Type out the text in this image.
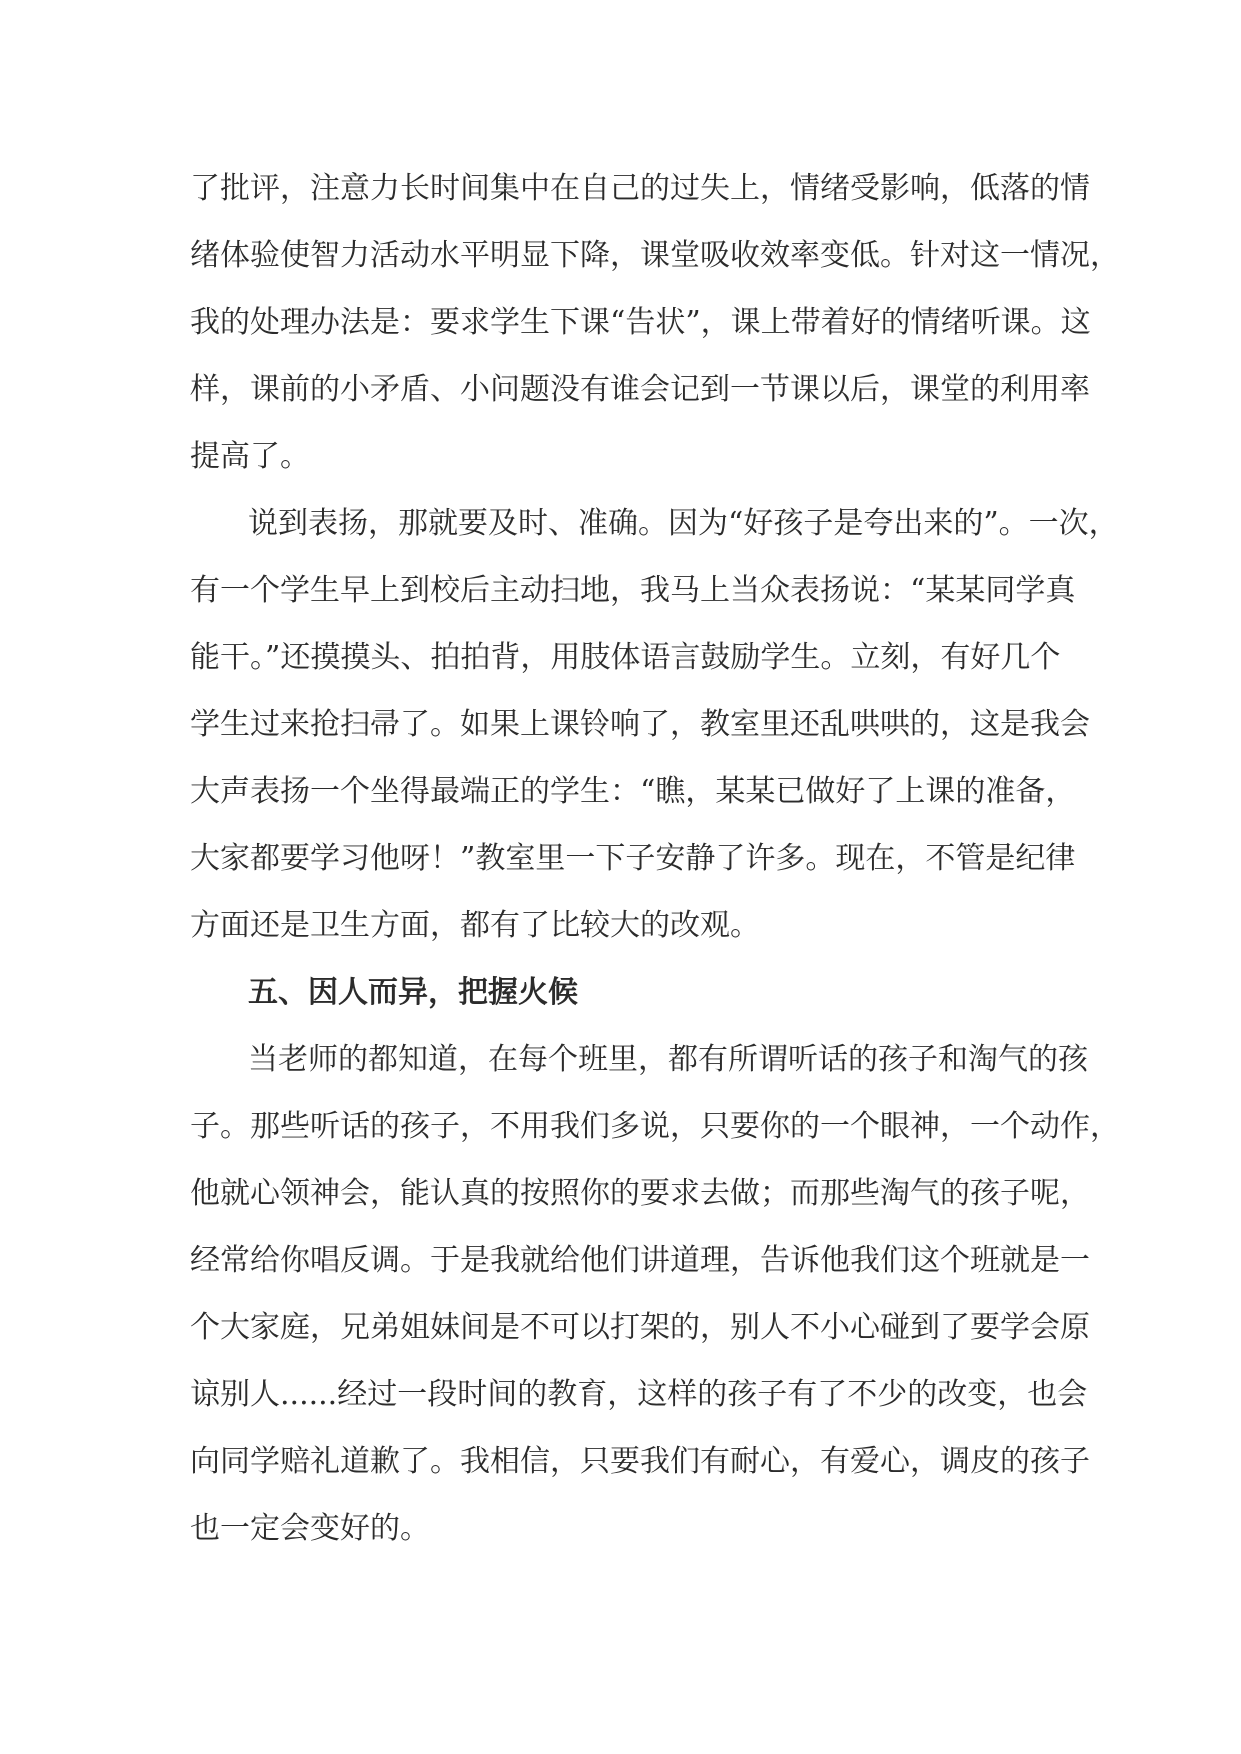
了批评，注意力长时间集中在自己的过失上，情绪受影响，低落的情
绪体验使智力活动水平明显下降，课堂吸收效率变低。针对这一情况，
我的处理办法是：要求学生下课“告状”，课上带着好的情绪听课。这
样，课前的小矛盾、小问题没有谁会记到一节课以后，课堂的利用率
提高了。
说到表扬，那就要及时、准确。因为“好孩子是夸出来的”。一次，
有一个学生早上到校后主动扫地，我马上当众表扬说：“某某同学真
能干。”还摸摸头、拍拍背，用肢体语言鼓励学生。立刻，有好几个
学生过来抢扫帚了。如果上课铃响了，教室里还乱哄哄的，这是我会
大声表扬一个坐得最端正的学生：“瞧，某某已做好了上课的准备，
大家都要学习他呀！”教室里一下子安静了许多。现在，不管是纪律
方面还是卫生方面，都有了比较大的改观。
五、因人而异，把握火候
当老师的都知道，在每个班里，都有所谓听话的孩子和淘气的孩
子。那些听话的孩子，不用我们多说，只要你的一个眼神，一个动作，
他就心领神会，能认真的按照你的要求去做；而那些淘气的孩子呢，
经常给你唱反调。于是我就给他们讲道理，告诉他我们这个班就是一
个大家庭，兄弟姐妹间是不可以打架的，别人不小心碰到了要学会原
谅别人......经过一段时间的教育，这样的孩子有了不少的改变，也会
向同学赔礼道歉了。我相信，只要我们有耐心，有爱心，调皮的孩子
也一定会变好的。
